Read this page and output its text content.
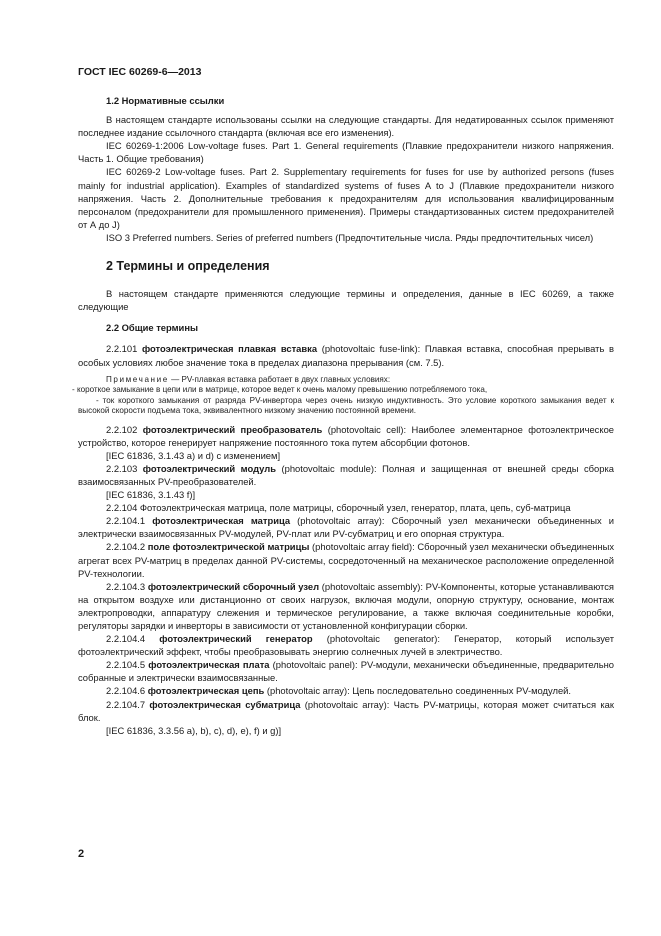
ГОСТ IEC 60269-6—2013

1.2 Нормативные ссылки

В настоящем стандарте использованы ссылки на следующие стандарты. Для недатированных ссылок применяют последнее издание ссылочного стандарта (включая все его изменения).

IEC 60269-1:2006 Low-voltage fuses. Part 1. General requirements (Плавкие предохранители низкого напряжения. Часть 1. Общие требования)

IEC 60269-2 Low-voltage fuses. Part 2. Supplementary requirements for fuses for use by authorized persons (fuses mainly for industrial application). Examples of standardized systems of fuses A to J (Плавкие предохранители низкого напряжения. Часть 2. Дополнительные требования к предохранителям для использования квалифицированным персоналом (предохранители для промышленного применения). Примеры стандартизованных систем предохранителей от А до J)

ISO 3 Preferred numbers. Series of preferred numbers (Предпочтительные числа. Ряды предпочтительных чисел)

2 Термины и определения

В настоящем стандарте применяются следующие термины и определения, данные в IEC 60269, а также следующие

2.2 Общие термины

2.2.101 фотоэлектрическая плавкая вставка (photovoltaic fuse-link): Плавкая вставка, способная прерывать в особых условиях любое значение тока в пределах диапазона прерывания (см. 7.5).

Примечание — PV-плавкая вставка работает в двух главных условиях:

- короткое замыкание в цепи или в матрице, которое ведет к очень малому превышению потребляемого тока,

- ток короткого замыкания от разряда PV-инвертора через очень низкую индуктивность. Это условие короткого замыкания ведет к высокой скорости подъема тока, эквивалентного низкому значению постоянной времени.

2.2.102 фотоэлектрический преобразователь (photovoltaic cell): Наиболее элементарное фотоэлектрическое устройство, которое генерирует напряжение постоянного тока путем абсорбции фотонов.

[IEC 61836, 3.1.43 a) и d) с изменением]

2.2.103 фотоэлектрический модуль (photovoltaic module): Полная и защищенная от внешней среды сборка взаимосвязанных PV-преобразователей.

[IEC 61836, 3.1.43 f)]

2.2.104 Фотоэлектрическая матрица, поле матрицы, сборочный узел, генератор, плата, цепь, суб-матрица

2.2.104.1 фотоэлектрическая матрица (photovoltaic array): Сборочный узел механически объединенных и электрически взаимосвязанных PV-модулей, PV-плат или PV-субматриц и его опорная структура.

2.2.104.2 поле фотоэлектрической матрицы (photovoltaic array field): Сборочный узел механически объединенных агрегат всех PV-матриц в пределах данной PV-системы, сосредоточенный на механическое расположение определенной PV-технологии.

2.2.104.3 фотоэлектрический сборочный узел (photovoltaic assembly): PV-Компоненты, которые устанавливаются на открытом воздухе или дистанционно от своих нагрузок, включая модули, опорную структуру, основание, монтаж электропроводки, аппаратуру слежения и термическое регулирование, а также включая соединительные коробки, регуляторы зарядки и инверторы в зависимости от установленной конфигурации сборки.

2.2.104.4 фотоэлектрический генератор (photovoltaic generator): Генератор, который использует фотоэлектрический эффект, чтобы преобразовывать энергию солнечных лучей в электричество.

2.2.104.5 фотоэлектрическая плата (photovoltaic panel): PV-модули, механически объединенные, предварительно собранные и электрически взаимосвязанные.

2.2.104.6 фотоэлектрическая цепь (photovoltaic array): Цепь последовательно соединенных PV-модулей.

2.2.104.7 фотоэлектрическая субматрица (photovoltaic array): Часть PV-матрицы, которая может считаться как блок.

[IEC 61836, 3.3.56 a), b), c), d), e), f) и g)]

2
